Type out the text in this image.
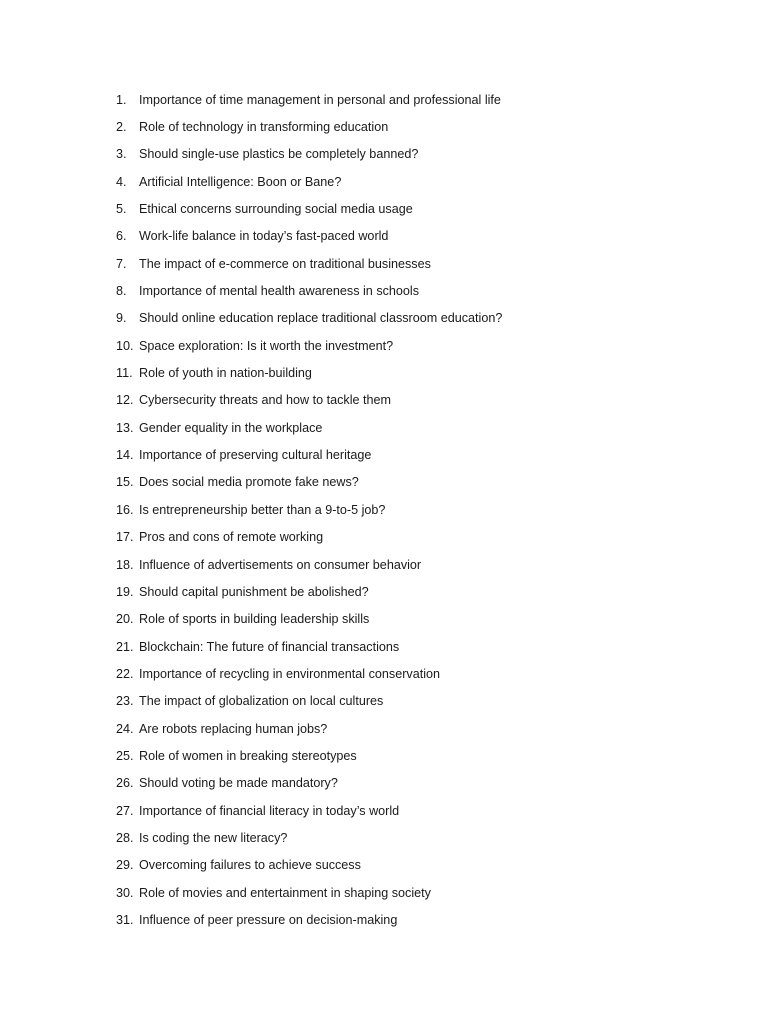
1. Importance of time management in personal and professional life
2. Role of technology in transforming education
3. Should single-use plastics be completely banned?
4. Artificial Intelligence: Boon or Bane?
5. Ethical concerns surrounding social media usage
6. Work-life balance in today’s fast-paced world
7. The impact of e-commerce on traditional businesses
8. Importance of mental health awareness in schools
9. Should online education replace traditional classroom education?
10. Space exploration: Is it worth the investment?
11. Role of youth in nation-building
12. Cybersecurity threats and how to tackle them
13. Gender equality in the workplace
14. Importance of preserving cultural heritage
15. Does social media promote fake news?
16. Is entrepreneurship better than a 9-to-5 job?
17. Pros and cons of remote working
18. Influence of advertisements on consumer behavior
19. Should capital punishment be abolished?
20. Role of sports in building leadership skills
21. Blockchain: The future of financial transactions
22. Importance of recycling in environmental conservation
23. The impact of globalization on local cultures
24. Are robots replacing human jobs?
25. Role of women in breaking stereotypes
26. Should voting be made mandatory?
27. Importance of financial literacy in today’s world
28. Is coding the new literacy?
29. Overcoming failures to achieve success
30. Role of movies and entertainment in shaping society
31. Influence of peer pressure on decision-making
